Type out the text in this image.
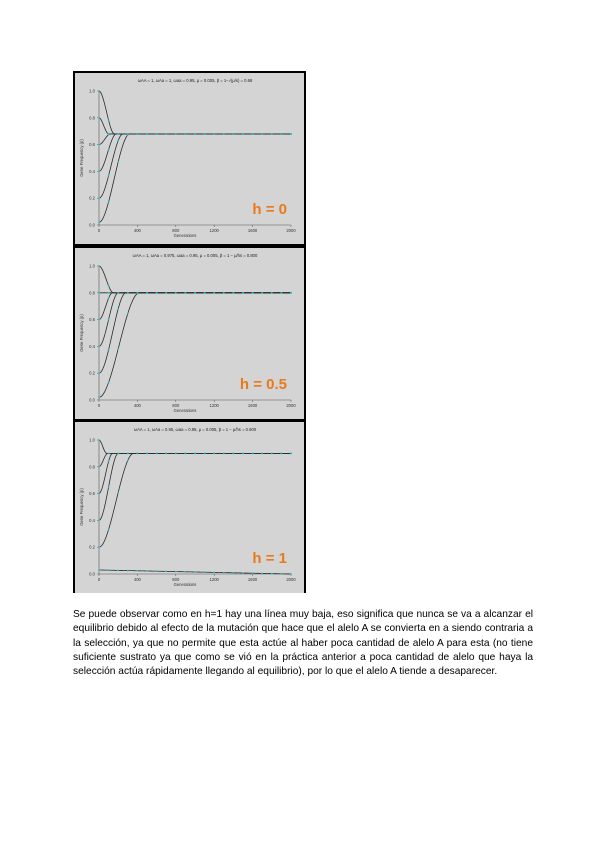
ωAA = 1, ωAa = 1, ωaa = 0.95, μ = 0.005, p̂ = 1−√(μ/s) = 0.68
0.0
0.2
0.4
0.6
0.8
1.0
0	400	800	1200	1600	2000
Generations
Gene Frequency (p)
h = 0
ωAA = 1, ωAa = 0.975, ωaa = 0.95, μ = 0.005, p̂ = 1 − μ/hs = 0.800
0.0
0.2
0.4
0.6
0.8
1.0
0	400	800	1200	1600	2000
Generations
Gene Frequency (p)
h = 0.5
ωAA = 1, ωAa = 0.95, ωaa = 0.95, μ = 0.005, p̂ = 1 − μ/hs = 0.900
0.0
0.2
0.4
0.6
0.8
1.0
0	400	800	1200	1600	2000
Generations
Gene Frequency (p)
h = 1

Se puede observar como en h=1 hay una línea muy baja, eso significa que nunca se va a alcanzar el equilibrio debido al efecto de la mutación que hace que el alelo A se convierta en a siendo contraria a la selección, ya que no permite que esta actúe al haber poca cantidad de alelo A para esta (no tiene suficiente sustrato ya que como se vió en la práctica anterior a poca cantidad de alelo que haya la selección actúa rápidamente llegando al equilibrio), por lo que el alelo A tiende a desaparecer.
